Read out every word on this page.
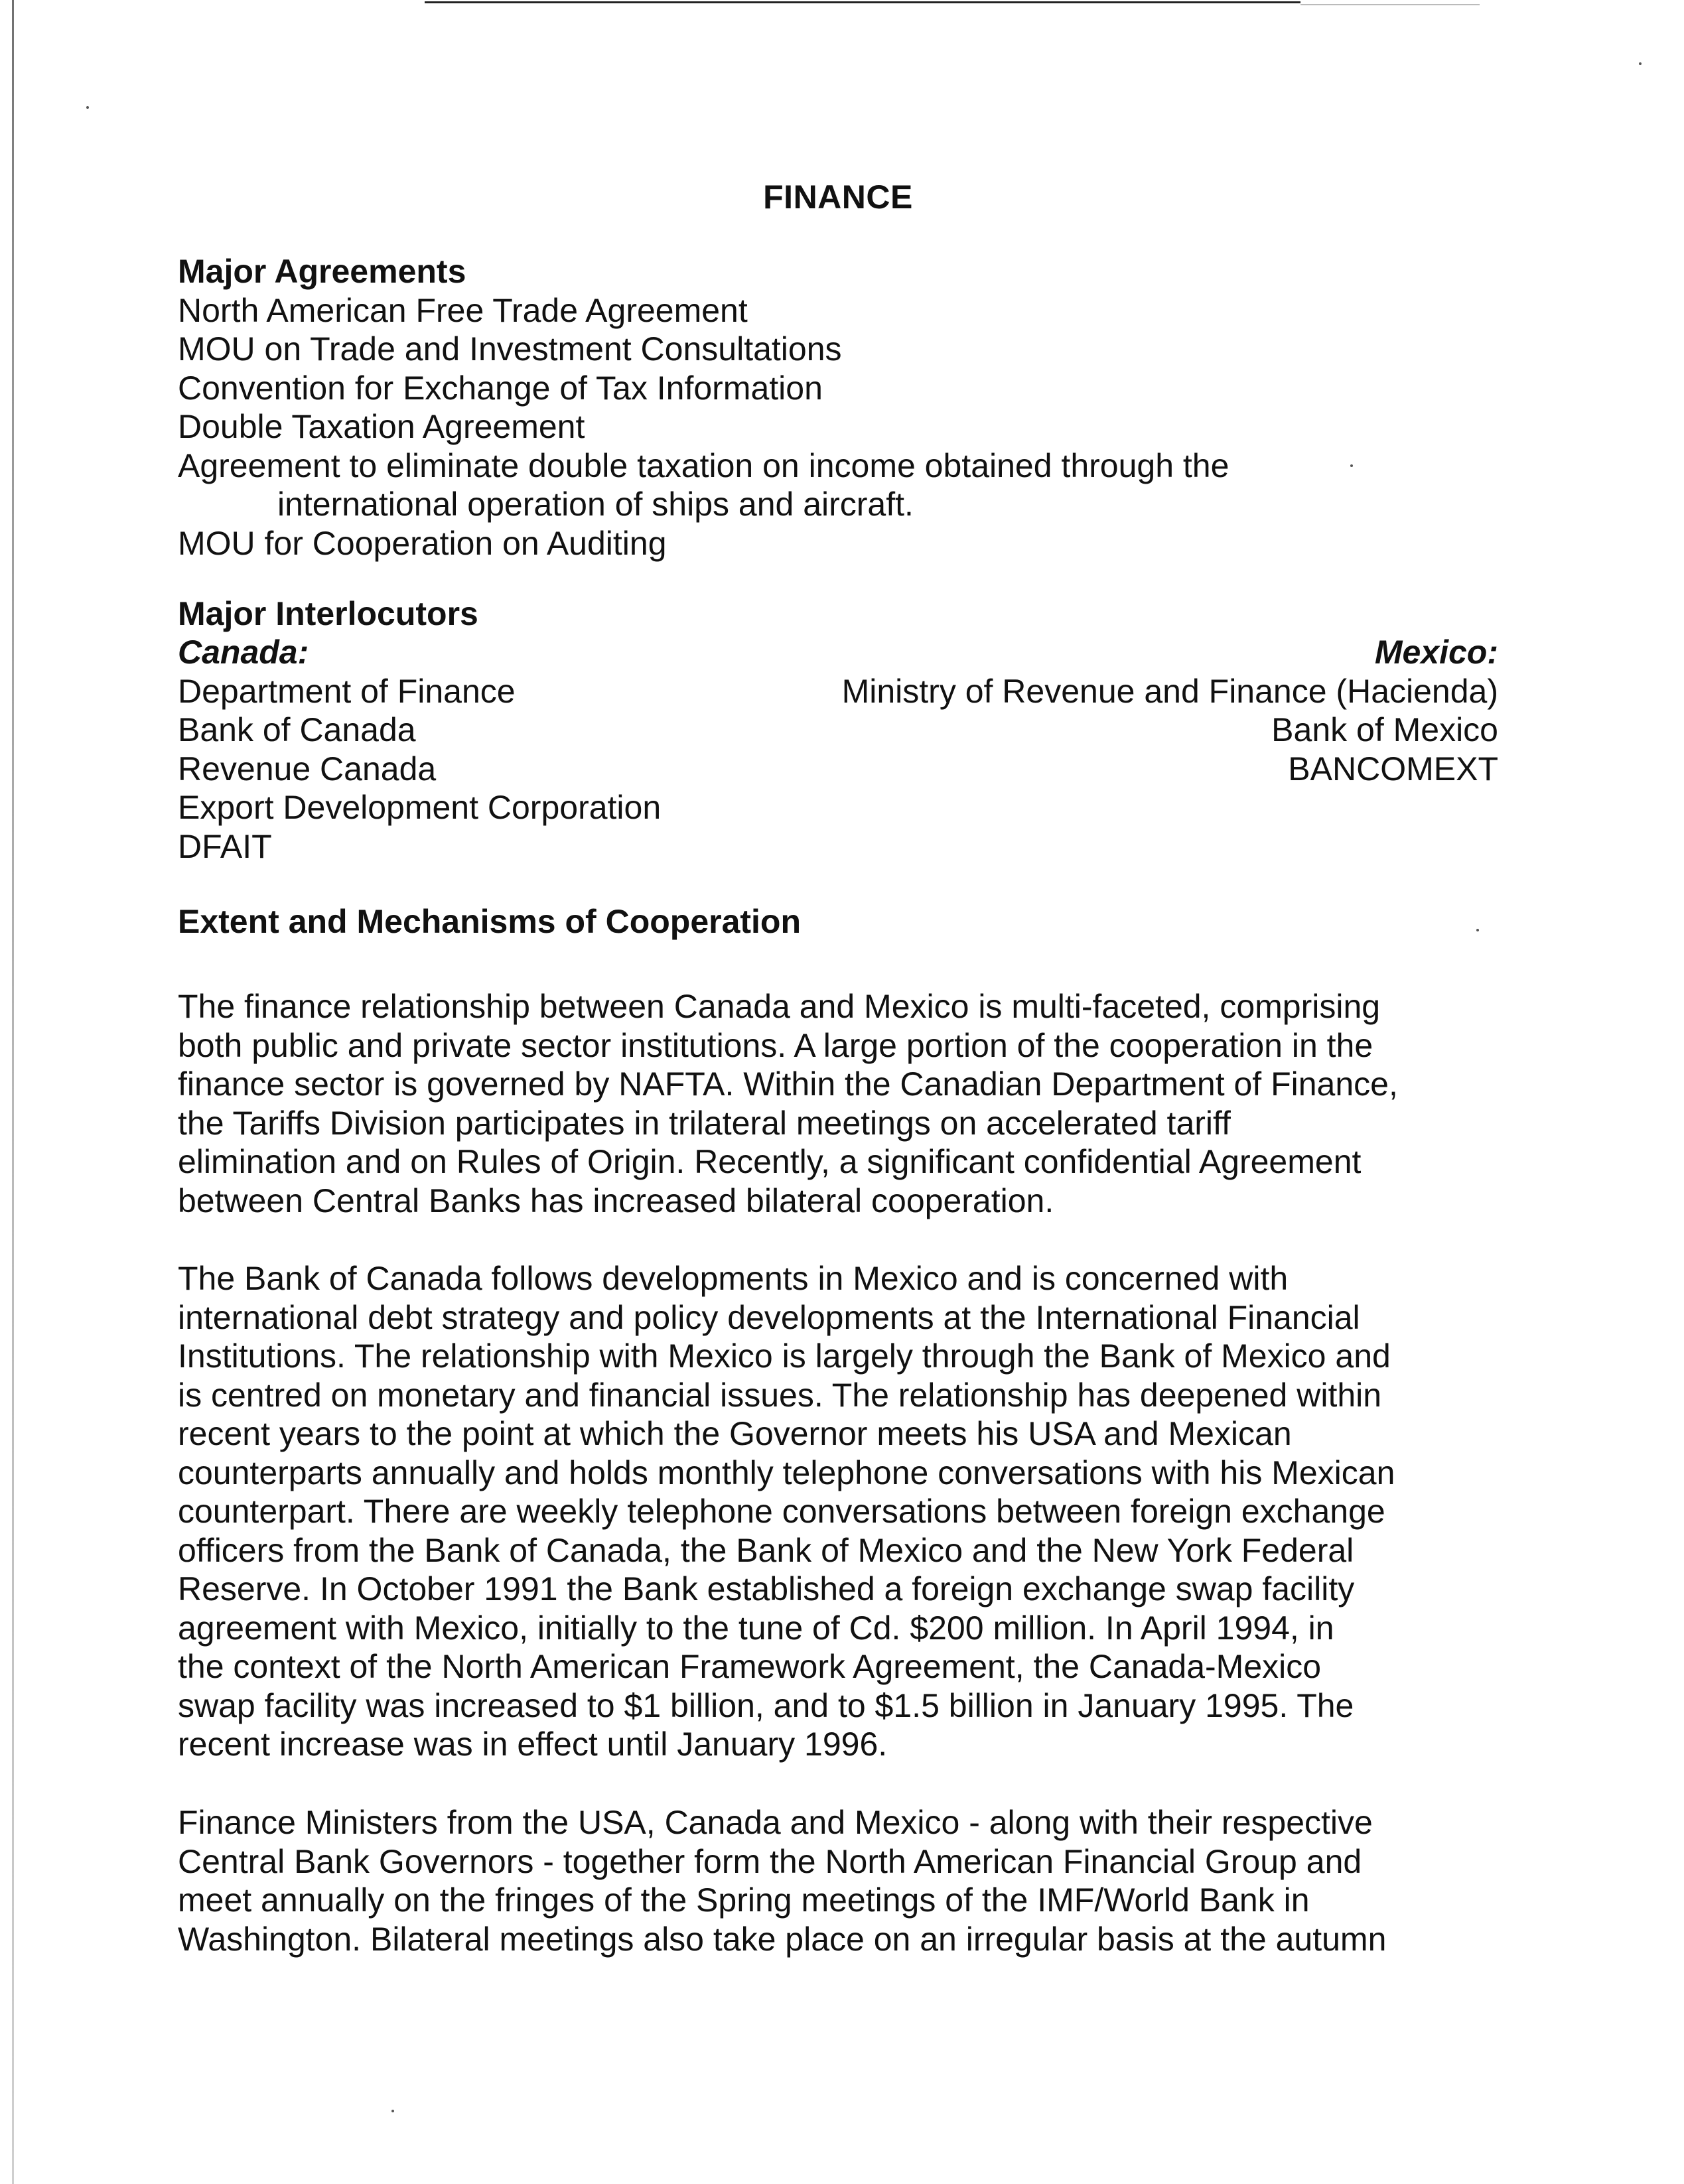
FINANCE

Major Agreements

North American Free Trade Agreement

MOU on Trade and Investment Consultations

Convention for Exchange of Tax Information

Double Taxation Agreement

Agreement to eliminate double taxation on income obtained through the

international operation of ships and aircraft.

MOU for Cooperation on Auditing

Major Interlocutors

Canada:

Department of Finance

Bank of Canada

Revenue Canada

Export Development Corporation

DFAIT

Mexico:

Ministry of Revenue and Finance (Hacienda)

Bank of Mexico

BANCOMEXT

Extent and Mechanisms of Cooperation

The finance relationship between Canada and Mexico is multi-faceted, comprising
both public and private sector institutions. A large portion of the cooperation in the
finance sector is governed by NAFTA. Within the Canadian Department of Finance,
the Tariffs Division participates in trilateral meetings on accelerated tariff
elimination and on Rules of Origin. Recently, a significant confidential Agreement
between Central Banks has increased bilateral cooperation.

The Bank of Canada follows developments in Mexico and is concerned with
international debt strategy and policy developments at the International Financial
Institutions. The relationship with Mexico is largely through the Bank of Mexico and
is centred on monetary and financial issues. The relationship has deepened within
recent years to the point at which the Governor meets his USA and Mexican
counterparts annually and holds monthly telephone conversations with his Mexican
counterpart. There are weekly telephone conversations between foreign exchange
officers from the Bank of Canada, the Bank of Mexico and the New York Federal
Reserve. In October 1991 the Bank established a foreign exchange swap facility
agreement with Mexico, initially to the tune of Cd. $200 million. In April 1994, in
the context of the North American Framework Agreement, the Canada-Mexico
swap facility was increased to $1 billion, and to $1.5 billion in January 1995. The
recent increase was in effect until January 1996.

Finance Ministers from the USA, Canada and Mexico - along with their respective
Central Bank Governors - together form the North American Financial Group and
meet annually on the fringes of the Spring meetings of the IMF/World Bank in
Washington. Bilateral meetings also take place on an irregular basis at the autumn
